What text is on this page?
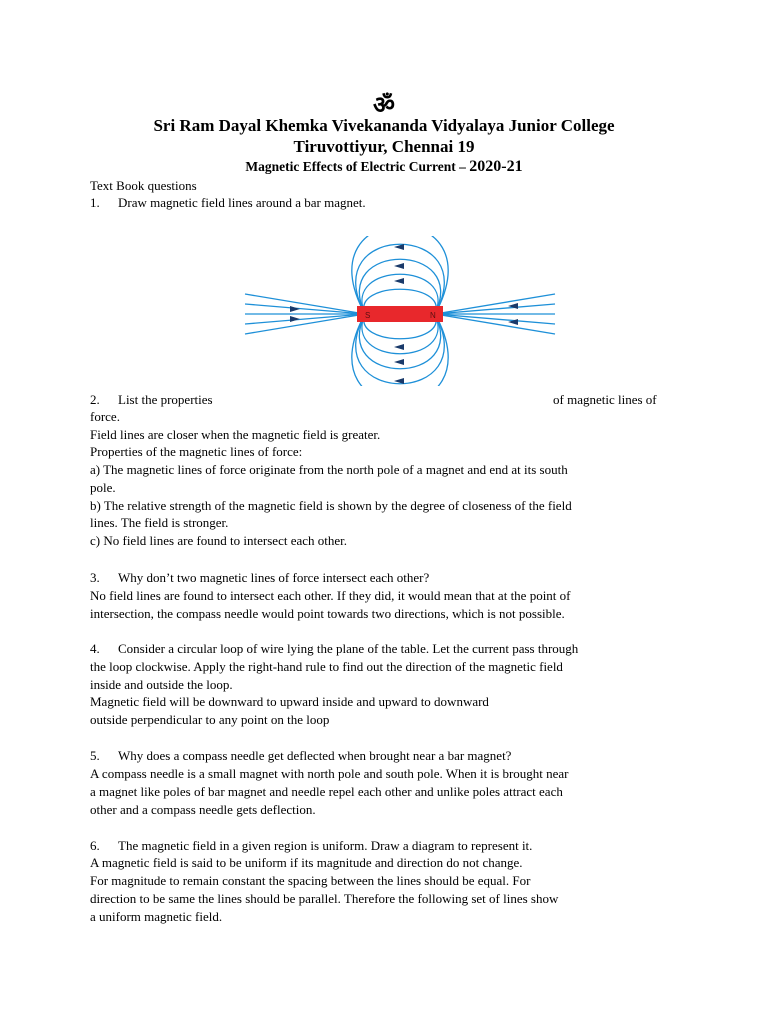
ॐ
Sri Ram Dayal Khemka Vivekananda Vidyalaya Junior College
Tiruvottiyur, Chennai 19
Magnetic Effects of Electric Current – 2020-21
Text Book questions
1. Draw magnetic field lines around a bar magnet.
S	N
2. List the properties	of magnetic lines of
force.
Field lines are closer when the magnetic field is greater.
Properties of the magnetic lines of force:
a) The magnetic lines of force originate from the north pole of a magnet and end at its south
pole.
b) The relative strength of the magnetic field is shown by the degree of closeness of the field
lines. The field is stronger.
c) No field lines are found to intersect each other.
3. Why don’t two magnetic lines of force intersect each other?
No field lines are found to intersect each other. If they did, it would mean that at the point of
intersection, the compass needle would point towards two directions, which is not possible.
4. Consider a circular loop of wire lying the plane of the table. Let the current pass through
the loop clockwise. Apply the right-hand rule to find out the direction of the magnetic field
inside and outside the loop.
Magnetic field will be downward to upward inside and upward to downward
outside perpendicular to any point on the loop
5. Why does a compass needle get deflected when brought near a bar magnet?
A compass needle is a small magnet with north pole and south pole. When it is brought near
a magnet like poles of bar magnet and needle repel each other and unlike poles attract each
other and a compass needle gets deflection.
6. The magnetic field in a given region is uniform. Draw a diagram to represent it.
A magnetic field is said to be uniform if its magnitude and direction do not change.
For magnitude to remain constant the spacing between the lines should be equal. For
direction to be same the lines should be parallel. Therefore the following set of lines show
a uniform magnetic field.
